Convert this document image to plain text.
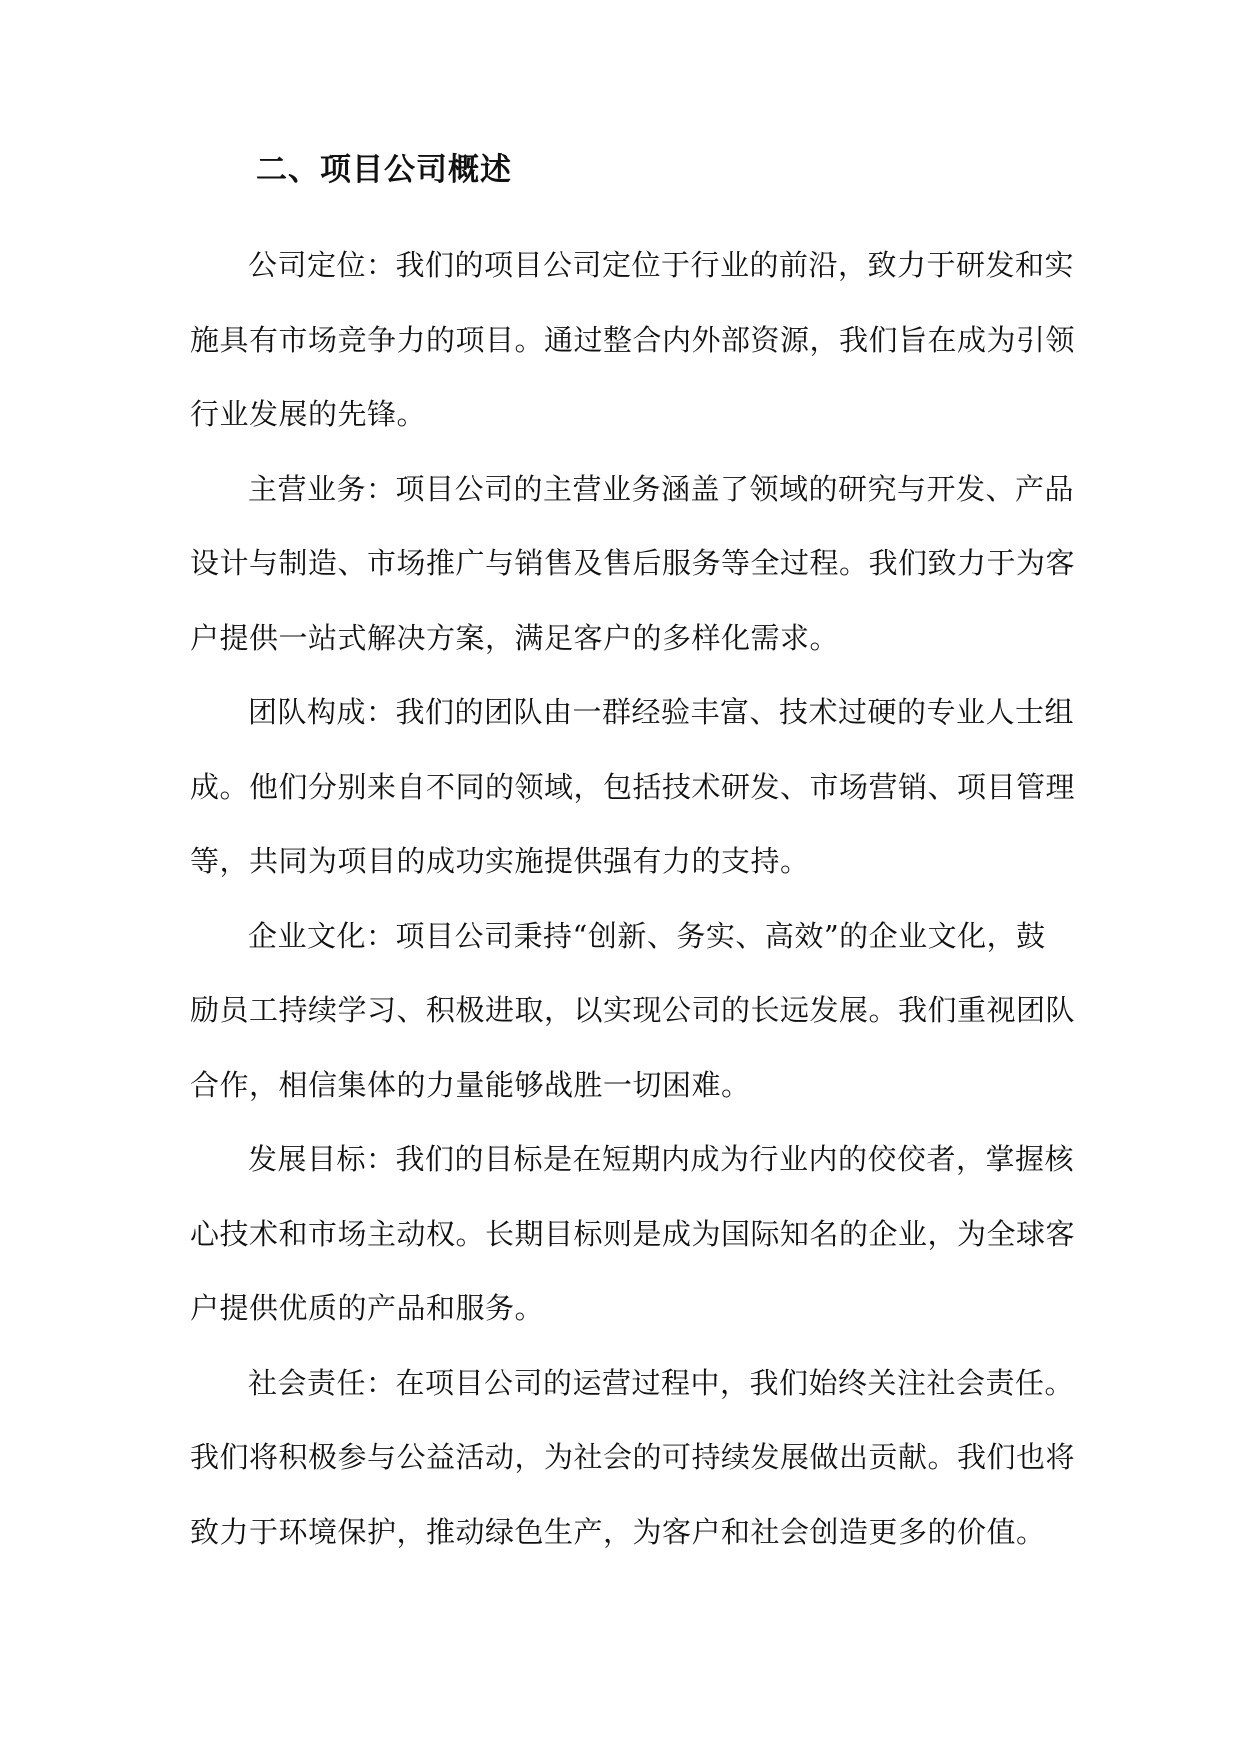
二、项目公司概述

公司定位：我们的项目公司定位于行业的前沿，致力于研发和实
施具有市场竞争力的项目。通过整合内外部资源，我们旨在成为引领
行业发展的先锋。

主营业务：项目公司的主营业务涵盖了领域的研究与开发、产品
设计与制造、市场推广与销售及售后服务等全过程。我们致力于为客
户提供一站式解决方案，满足客户的多样化需求。

团队构成：我们的团队由一群经验丰富、技术过硬的专业人士组
成。他们分别来自不同的领域，包括技术研发、市场营销、项目管理
等，共同为项目的成功实施提供强有力的支持。

企业文化：项目公司秉持“创新、务实、高效”的企业文化，鼓
励员工持续学习、积极进取，以实现公司的长远发展。我们重视团队
合作，相信集体的力量能够战胜一切困难。

发展目标：我们的目标是在短期内成为行业内的佼佼者，掌握核
心技术和市场主动权。长期目标则是成为国际知名的企业，为全球客
户提供优质的产品和服务。

社会责任：在项目公司的运营过程中，我们始终关注社会责任。
我们将积极参与公益活动，为社会的可持续发展做出贡献。我们也将
致力于环境保护，推动绿色生产，为客户和社会创造更多的价值。
